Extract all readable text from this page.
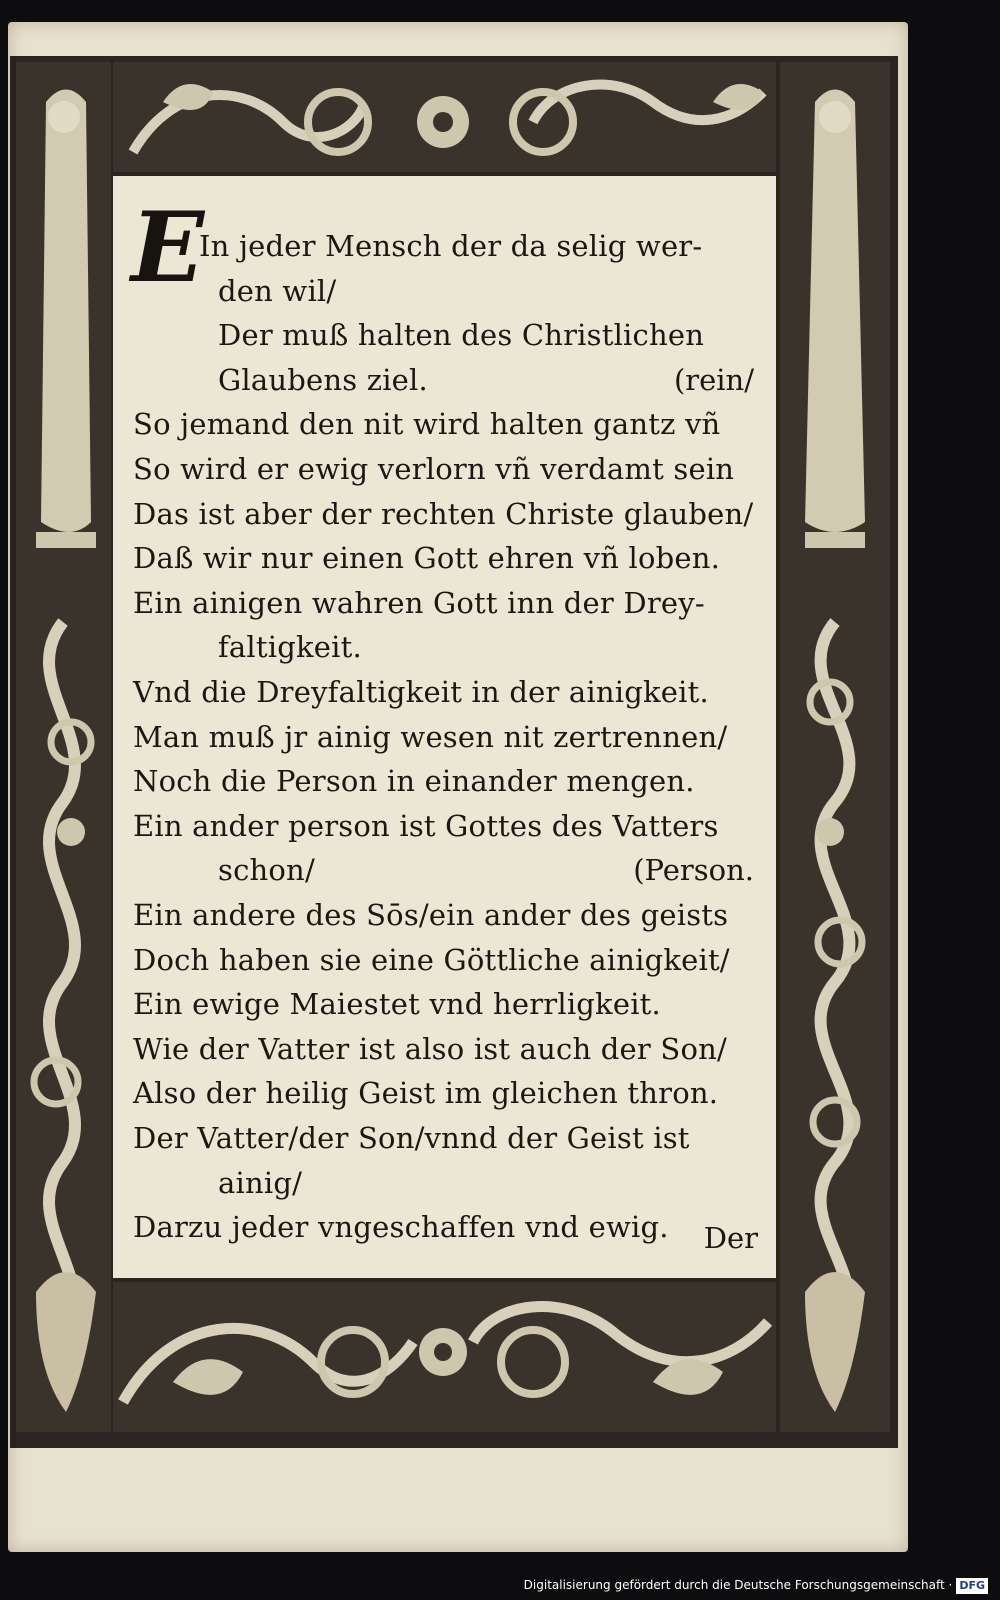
E
In jeder Mensch der da selig wer-
den wil/
Der muß halten des Christlichen
Glaubens ziel.	(rein/
So jemand den nit wird halten gantz vñ
So wird er ewig verlorn vñ verdamt sein
Das ist aber der rechten Christe glauben/
Daß wir nur einen Gott ehren vñ loben.
Ein ainigen wahren Gott inn der Drey-
faltigkeit.
Vnd die Dreyfaltigkeit in der ainigkeit.
Man muß jr ainig wesen nit zertrennen/
Noch die Person in einander mengen.
Ein ander person ist Gottes des Vatters
schon/	(Person.
Ein andere des Sōs/ein ander des geists
Doch haben sie eine Göttliche ainigkeit/
Ein ewige Maiestet vnd herrligkeit.
Wie der Vatter ist also ist auch der Son/
Also der heilig Geist im gleichen thron.
Der Vatter/der Son/vnnd der Geist ist
ainig/
Darzu jeder vngeschaffen vnd ewig. Der
Digitalisierung gefördert durch die Deutsche Forschungsgemeinschaft · DFG
